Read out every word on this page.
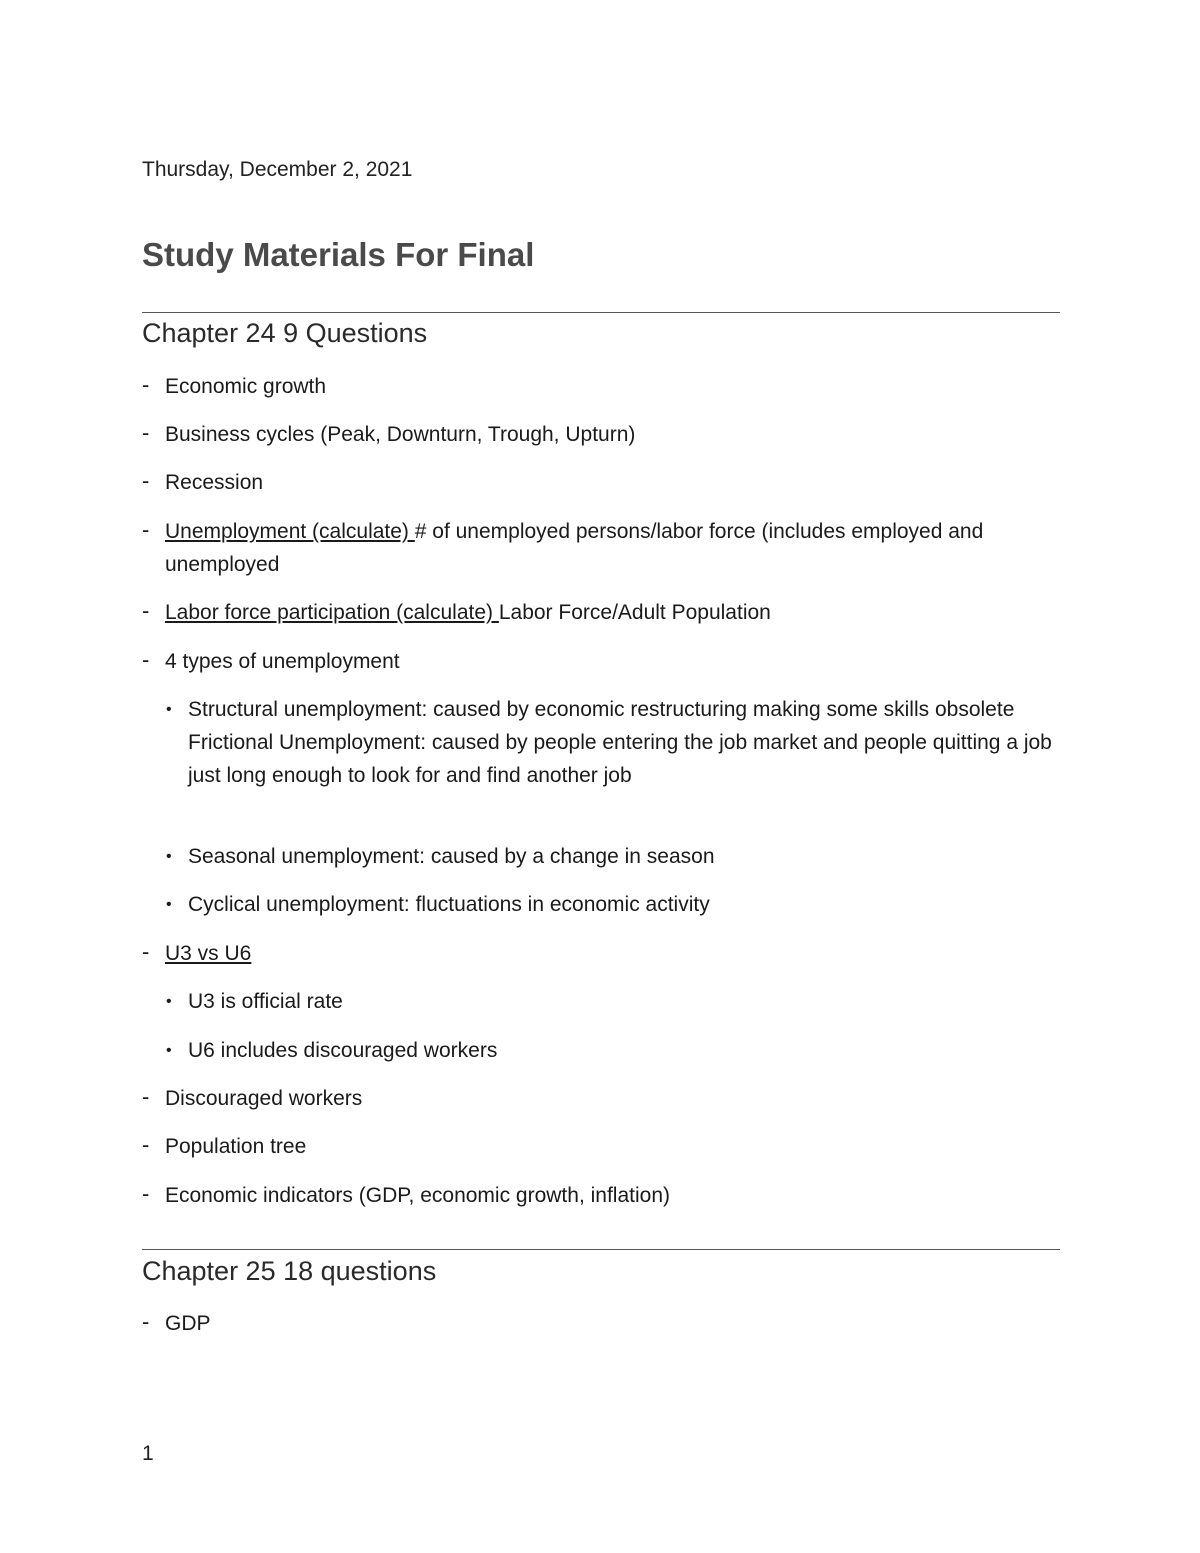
Thursday, December 2, 2021
Study Materials For Final
Chapter 24 9 Questions
- Economic growth
- Business cycles (Peak, Downturn, Trough, Upturn)
- Recession
- Unemployment (calculate) # of unemployed persons/labor force (includes employed and unemployed
- Labor force participation (calculate) Labor Force/Adult Population
- 4 types of unemployment
• Structural unemployment: caused by economic restructuring making some skills obsolete
Frictional Unemployment: caused by people entering the job market and people quitting a job just long enough to look for and find another job
• Seasonal unemployment: caused by a change in season
• Cyclical unemployment: fluctuations in economic activity
- U3 vs U6
• U3 is official rate
• U6 includes discouraged workers
- Discouraged workers
- Population tree
- Economic indicators (GDP, economic growth, inflation)
Chapter 25 18 questions
- GDP
1
